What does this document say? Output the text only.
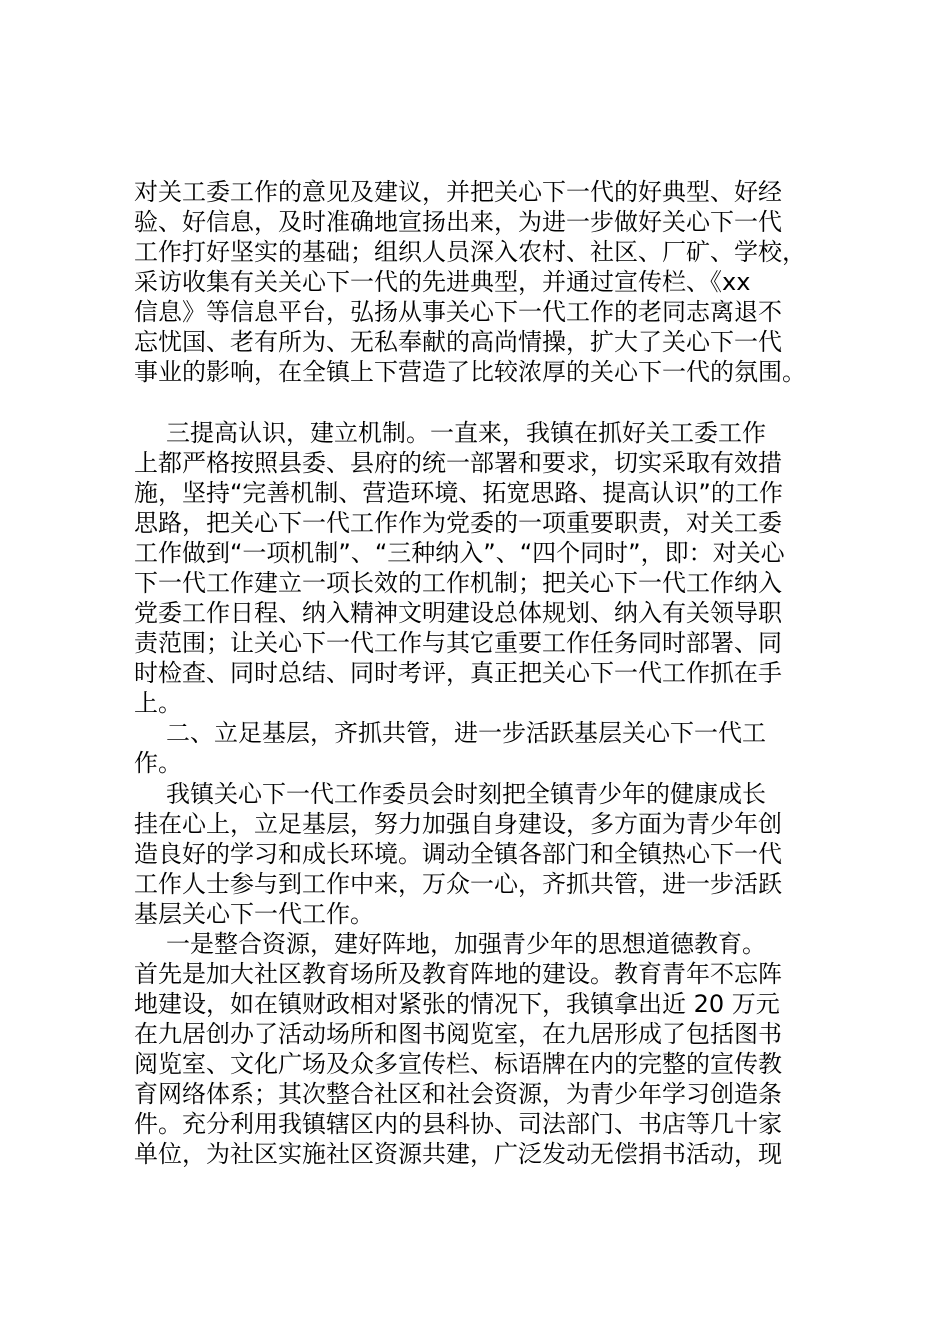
对关工委工作的意见及建议，并把关心下一代的好典型、好经
验、好信息，及时准确地宣扬出来，为进一步做好关心下一代
工作打好坚实的基础；组织人员深入农村、社区、厂矿、学校，
采访收集有关关心下一代的先进典型，并通过宣传栏、《xx
信息》等信息平台，弘扬从事关心下一代工作的老同志离退不
忘忧国、老有所为、无私奉献的高尚情操，扩大了关心下一代
事业的影响，在全镇上下营造了比较浓厚的关心下一代的氛围。
三提高认识，建立机制。一直来，我镇在抓好关工委工作
上都严格按照县委、县府的统一部署和要求，切实采取有效措
施，坚持“完善机制、营造环境、拓宽思路、提高认识”的工作
思路，把关心下一代工作作为党委的一项重要职责，对关工委
工作做到“一项机制”、“三种纳入”、“四个同时”，即：对关心
下一代工作建立一项长效的工作机制；把关心下一代工作纳入
党委工作日程、纳入精神文明建设总体规划、纳入有关领导职
责范围；让关心下一代工作与其它重要工作任务同时部署、同
时检查、同时总结、同时考评，真正把关心下一代工作抓在手
上。
二、立足基层，齐抓共管，进一步活跃基层关心下一代工
作。
我镇关心下一代工作委员会时刻把全镇青少年的健康成长
挂在心上，立足基层，努力加强自身建设，多方面为青少年创
造良好的学习和成长环境。调动全镇各部门和全镇热心下一代
工作人士参与到工作中来，万众一心，齐抓共管，进一步活跃
基层关心下一代工作。
一是整合资源，建好阵地，加强青少年的思想道德教育。
首先是加大社区教育场所及教育阵地的建设。教育青年不忘阵
地建设，如在镇财政相对紧张的情况下，我镇拿出近 20 万元
在九居创办了活动场所和图书阅览室，在九居形成了包括图书
阅览室、文化广场及众多宣传栏、标语牌在内的完整的宣传教
育网络体系；其次整合社区和社会资源，为青少年学习创造条
件。充分利用我镇辖区内的县科协、司法部门、书店等几十家
单位，为社区实施社区资源共建，广泛发动无偿捐书活动，现
